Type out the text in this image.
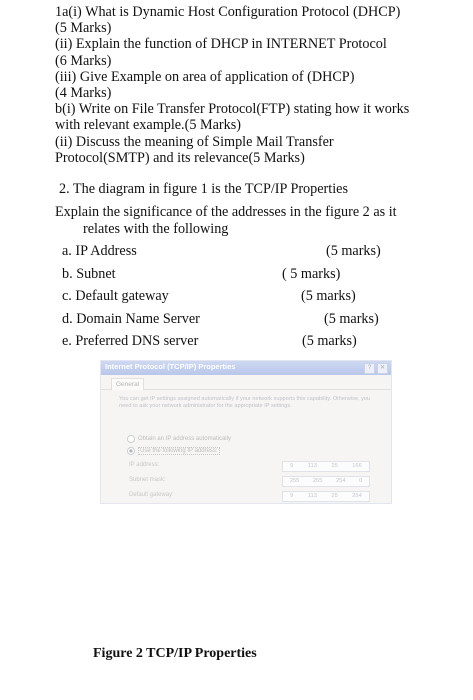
1a(i) What is Dynamic Host Configuration Protocol (DHCP)
(5 Marks)
(ii) Explain the function of DHCP in INTERNET Protocol
(6 Marks)
(iii) Give Example on area of application of (DHCP)
(4 Marks)
b(i) Write on File Transfer Protocol(FTP) stating how it works
with relevant example.(5 Marks)
(ii) Discuss the meaning of Simple Mail Transfer
Protocol(SMTP) and its relevance(5 Marks)
2. The diagram in figure 1 is the TCP/IP Properties
Explain the significance of the addresses in the figure 2 as it
relates with the following
a. IP Address	(5 marks)
b. Subnet	( 5 marks)
c. Default gateway	(5 marks)
d. Domain Name Server	(5 marks)
e. Preferred DNS server	(5 marks)
Internet Protocol (TCP/IP) Properties	?	✕
General
You can get IP settings assigned automatically if your network supports this capability. Otherwise, you need to ask your network administrator for the appropriate IP settings.
Obtain an IP address automatically
Use the following IP address:
IP address:	9 113 25 166
Subnet mask:	255 255 254 0
Default gateway:	9 113 25 254
Figure 2 TCP/IP Properties
